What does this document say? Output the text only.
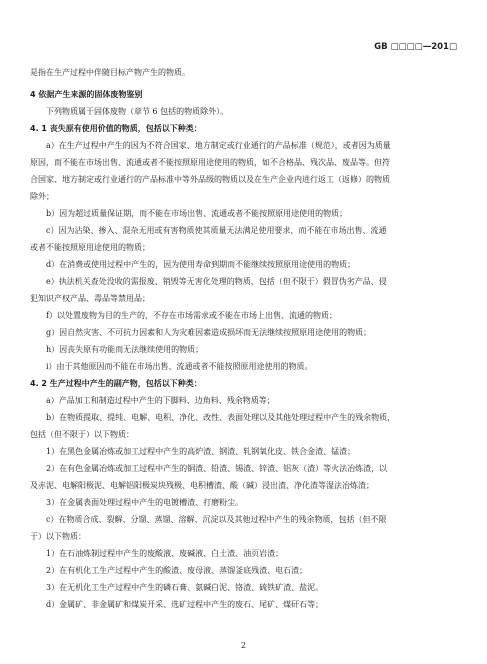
GB □□□□—201□

是指在生产过程中伴随目标产物产生的物质。

4 依据产生来源的固体废物鉴别

下列物质属于固体废物（章节 6 包括的物质除外）。

4. 1 丧失原有使用价值的物质，包括以下种类：

a）在生产过程中产生的因为不符合国家、地方制定或行业通行的产品标准（规范），或者因为质量

原因，而不能在市场出售、流通或者不能按照原用途使用的物质，如不合格品、残次品、废品等。但符

合国家、地方制定或行业通行的产品标准中等外品级的物质以及在生产企业内进行返工（返修）的物质

除外；

b）因为超过质量保证期，而不能在市场出售、流通或者不能按照原用途使用的物质；

c）因为沾染、掺入、混杂无用或有害物质使其质量无法满足使用要求，而不能在市场出售、流通

或者不能按照原用途使用的物质；

d）在消费或使用过程中产生的，因为使用寿命到期而不能继续按照原用途使用的物质；

e）执法机关查处没收的需报废、销毁等无害化处理的物质，包括（但不限于）假冒伪劣产品、侵

犯知识产权产品、毒品等禁用品；

f）以处置废物为目的生产的，不存在市场需求或不能在市场上出售、流通的物质；

g）因自然灾害、不可抗力因素和人为灾难因素造成损坏而无法继续按照原用途使用的物质；

h）因丧失原有功能而无法继续使用的物质；

i）由于其他原因而不能在市场出售、流通或者不能按照原用途使用的物质。

4. 2 生产过程中产生的副产物，包括以下种类：

a）产品加工和制造过程中产生的下脚料、边角料、残余物质等；

b）在物质提取、提纯、电解、电积、净化、改性、表面处理以及其他处理过程中产生的残余物质，

包括（但不限于）以下物质：

1）在黑色金属冶炼或加工过程中产生的高炉渣、钢渣、轧钢氧化皮、铁合金渣、锰渣；

2）在有色金属冶炼或加工过程中产生的铜渣、铅渣、锡渣、锌渣、铝灰（渣）等火法冶炼渣，以

及赤泥、电解阳极泥、电解铝阳极炭块残极、电积槽渣、酸（碱）浸出渣、净化渣等湿法冶炼渣；

3）在金属表面处理过程中产生的电镀槽渣、打磨粉尘。

c）在物质合成、裂解、分馏、蒸馏、溶解、沉淀以及其他过程中产生的残余物质，包括（但不限

于）以下物质：

1）在石油炼制过程中产生的废酸液、废碱液、白土渣、油页岩渣；

2）在有机化工生产过程中产生的酸渣、废母液、蒸馏釜底残渣、电石渣；

3）在无机化工生产过程中产生的磷石膏、氨碱白泥、铬渣、硫铁矿渣、盐泥。

d）金属矿、非金属矿和煤炭开采、选矿过程中产生的废石、尾矿、煤矸石等；

2
